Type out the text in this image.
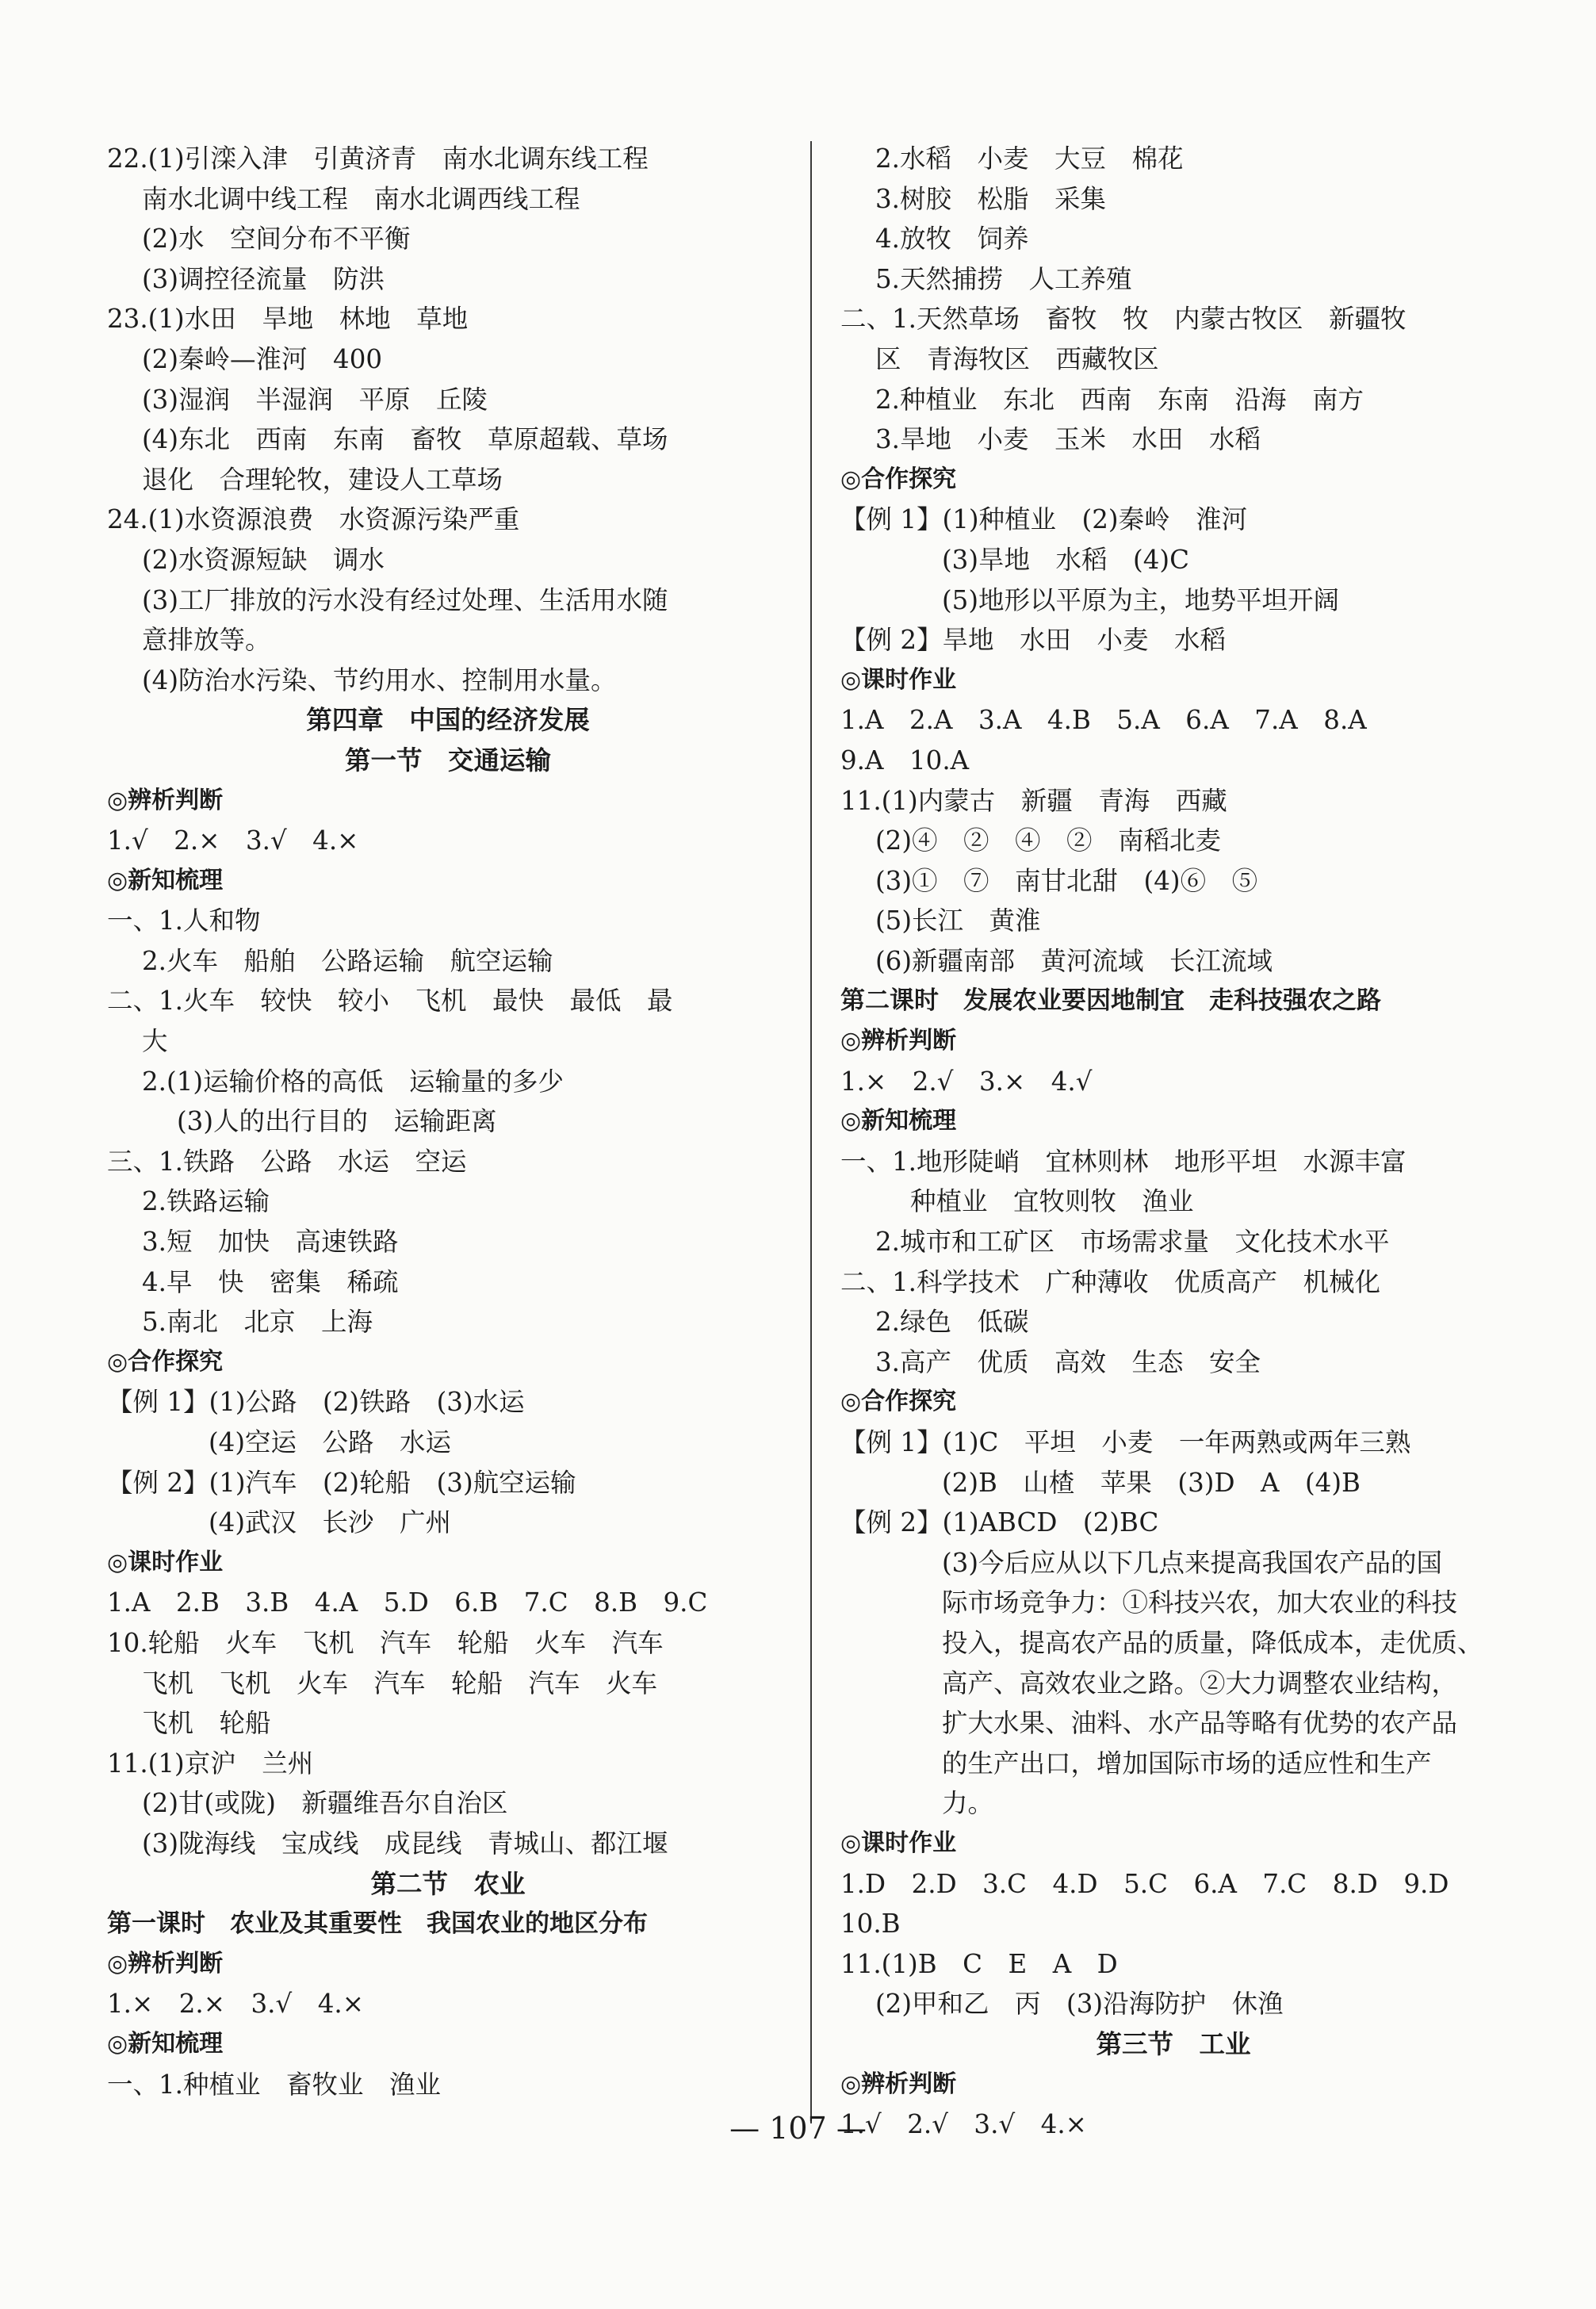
22.(1)引滦入津　引黄济青　南水北调东线工程
南水北调中线工程　南水北调西线工程
(2)水　空间分布不平衡
(3)调控径流量　防洪
23.(1)水田　旱地　林地　草地
(2)秦岭—淮河　400
(3)湿润　半湿润　平原　丘陵
(4)东北　西南　东南　畜牧　草原超载、草场
退化　合理轮牧，建设人工草场
24.(1)水资源浪费　水资源污染严重
(2)水资源短缺　调水
(3)工厂排放的污水没有经过处理、生活用水随
意排放等。
(4)防治水污染、节约用水、控制用水量。
第四章　中国的经济发展
第一节　交通运输
◎辨析判断
1.√　2.×　3.√　4.×
◎新知梳理
一、1.人和物
2.火车　船舶　公路运输　航空运输
二、1.火车　较快　较小　飞机　最快　最低　最
大
2.(1)运输价格的高低　运输量的多少
(3)人的出行目的　运输距离
三、1.铁路　公路　水运　空运
2.铁路运输
3.短　加快　高速铁路
4.早　快　密集　稀疏
5.南北　北京　上海
◎合作探究
【例 1】(1)公路　(2)铁路　(3)水运
(4)空运　公路　水运
【例 2】(1)汽车　(2)轮船　(3)航空运输
(4)武汉　长沙　广州
◎课时作业
1.A　2.B　3.B　4.A　5.D　6.B　7.C　8.B　9.C
10.轮船　火车　飞机　汽车　轮船　火车　汽车
飞机　飞机　火车　汽车　轮船　汽车　火车
飞机　轮船
11.(1)京沪　兰州
(2)甘(或陇)　新疆维吾尔自治区
(3)陇海线　宝成线　成昆线　青城山、都江堰
第二节　农业
第一课时　农业及其重要性　我国农业的地区分布
◎辨析判断
1.×　2.×　3.√　4.×
◎新知梳理
一、1.种植业　畜牧业　渔业
2.水稻　小麦　大豆　棉花
3.树胶　松脂　采集
4.放牧　饲养
5.天然捕捞　人工养殖
二、1.天然草场　畜牧　牧　内蒙古牧区　新疆牧
区　青海牧区　西藏牧区
2.种植业　东北　西南　东南　沿海　南方
3.旱地　小麦　玉米　水田　水稻
◎合作探究
【例 1】(1)种植业　(2)秦岭　淮河
(3)旱地　水稻　(4)C
(5)地形以平原为主，地势平坦开阔
【例 2】旱地　水田　小麦　水稻
◎课时作业
1.A　2.A　3.A　4.B　5.A　6.A　7.A　8.A
9.A　10.A
11.(1)内蒙古　新疆　青海　西藏
(2)④　②　④　②　南稻北麦
(3)①　⑦　南甘北甜　(4)⑥　⑤
(5)长江　黄淮
(6)新疆南部　黄河流域　长江流域
第二课时　发展农业要因地制宜　走科技强农之路
◎辨析判断
1.×　2.√　3.×　4.√
◎新知梳理
一、1.地形陡峭　宜林则林　地形平坦　水源丰富
种植业　宜牧则牧　渔业
2.城市和工矿区　市场需求量　文化技术水平
二、1.科学技术　广种薄收　优质高产　机械化
2.绿色　低碳
3.高产　优质　高效　生态　安全
◎合作探究
【例 1】(1)C　平坦　小麦　一年两熟或两年三熟
(2)B　山楂　苹果　(3)D　A　(4)B
【例 2】(1)ABCD　(2)BC
(3)今后应从以下几点来提高我国农产品的国
际市场竞争力：①科技兴农，加大农业的科技
投入，提高农产品的质量，降低成本，走优质、
高产、高效农业之路。②大力调整农业结构，
扩大水果、油料、水产品等略有优势的农产品
的生产出口，增加国际市场的适应性和生产
力。
◎课时作业
1.D　2.D　3.C　4.D　5.C　6.A　7.C　8.D　9.D
10.B
11.(1)B　C　E　A　D
(2)甲和乙　丙　(3)沿海防护　休渔
第三节　工业
◎辨析判断
1.√　2.√　3.√　4.×
— 107 —
